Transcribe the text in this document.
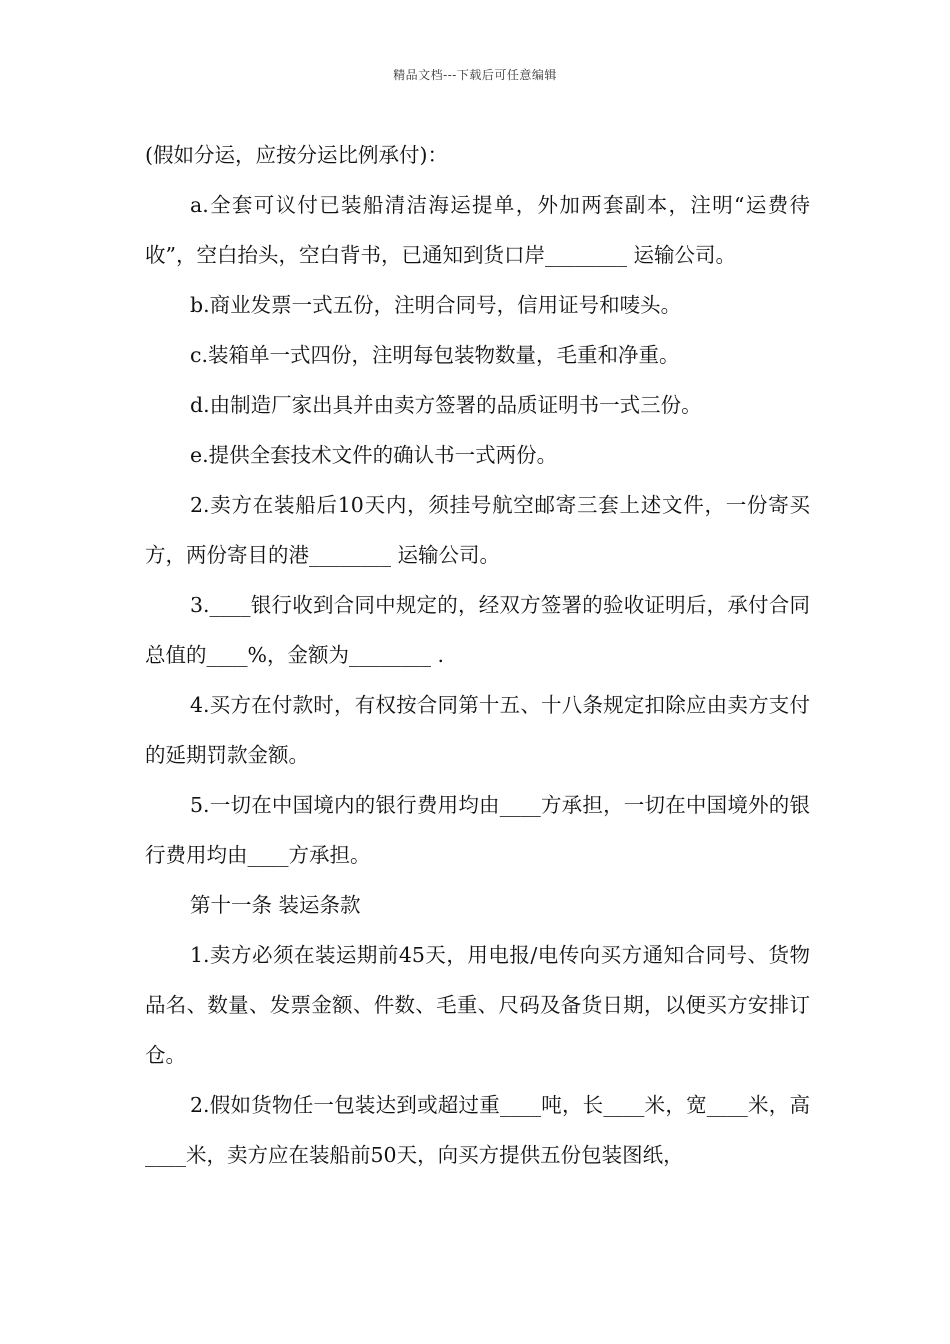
精品文档---下载后可任意编辑

(假如分运，应按分运比例承付)：

a.全套可议付已装船清洁海运提单，外加两套副本，注明“运费待收”，空白抬头，空白背书，已通知到货口岸________ 运输公司。

b.商业发票一式五份，注明合同号，信用证号和唛头。

c.装箱单一式四份，注明每包装物数量，毛重和净重。

d.由制造厂家出具并由卖方签署的品质证明书一式三份。

e.提供全套技术文件的确认书一式两份。

2.卖方在装船后10天内，须挂号航空邮寄三套上述文件，一份寄买方，两份寄目的港________ 运输公司。

3.____银行收到合同中规定的，经双方签署的验收证明后，承付合同总值的____%，金额为________ .

4.买方在付款时，有权按合同第十五、十八条规定扣除应由卖方支付的延期罚款金额。

5.一切在中国境内的银行费用均由____方承担，一切在中国境外的银行费用均由____方承担。

第十一条 装运条款

1.卖方必须在装运期前45天，用电报/电传向买方通知合同号、货物品名、数量、发票金额、件数、毛重、尺码及备货日期，以便买方安排订仓。

2.假如货物任一包装达到或超过重____吨，长____米，宽____米，高____米，卖方应在装船前50天，向买方提供五份包装图纸，
